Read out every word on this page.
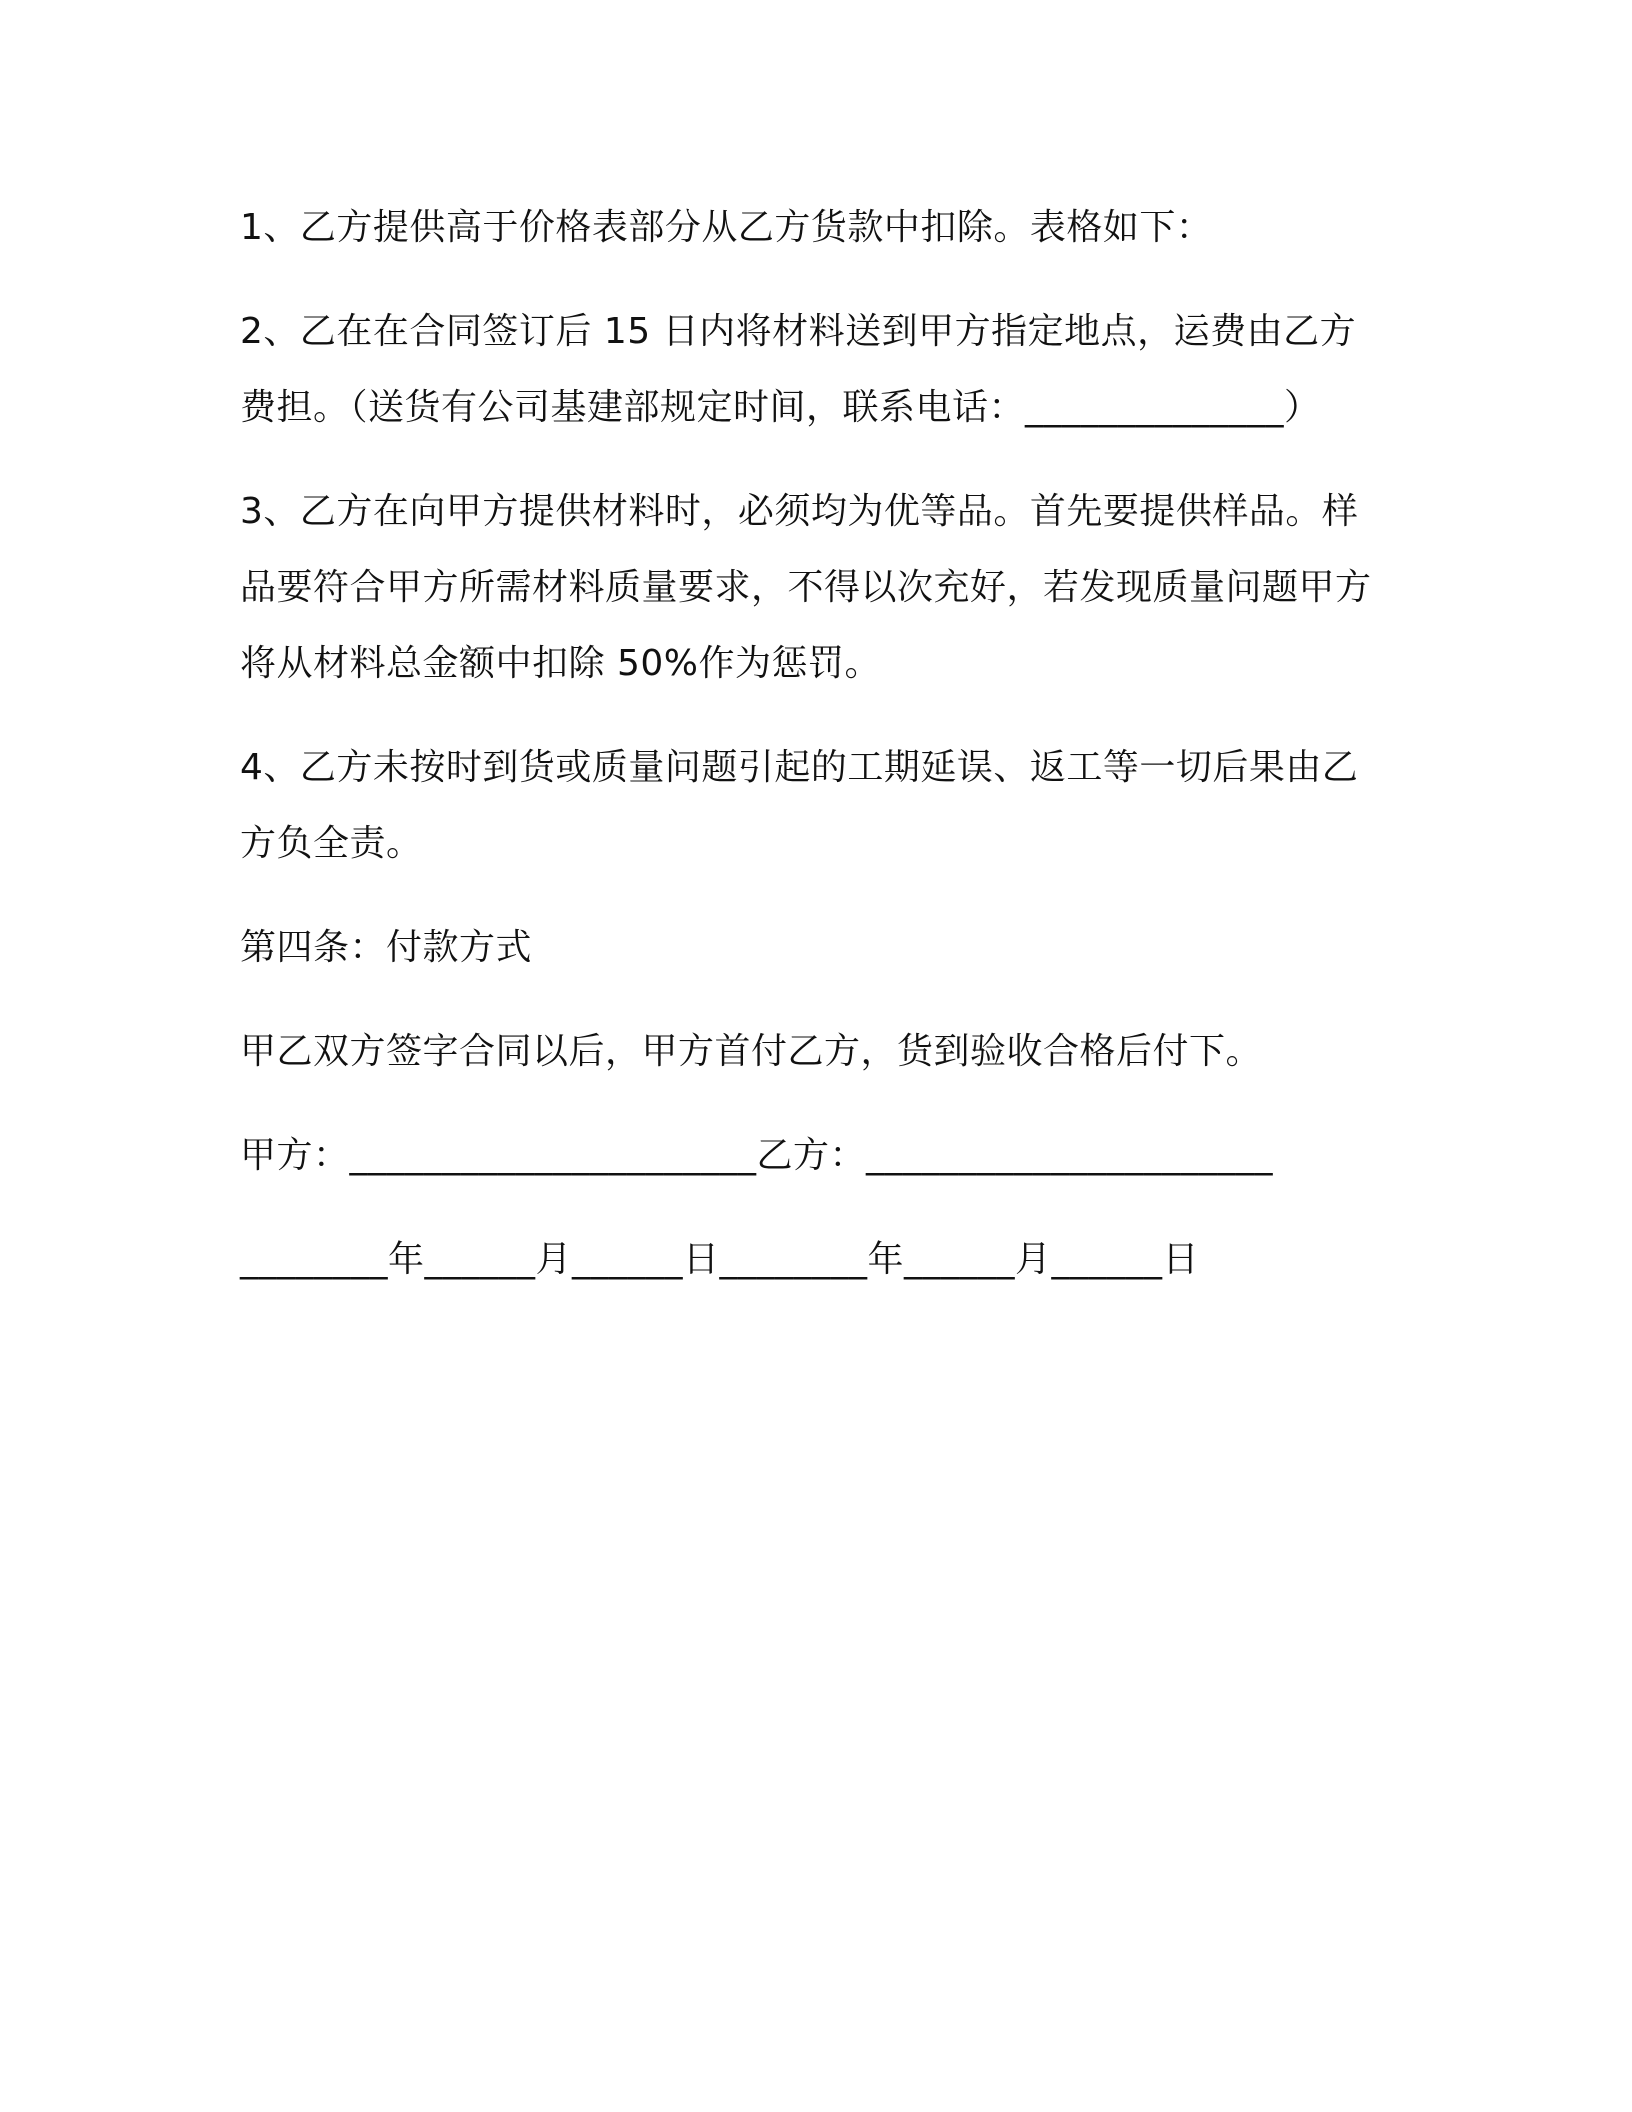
1、乙方提供高于价格表部分从乙方货款中扣除。表格如下：

2、乙在在合同签订后 15 日内将材料送到甲方指定地点，运费由乙方费担。（送货有公司基建部规定时间，联系电话：______________）

3、乙方在向甲方提供材料时，必须均为优等品。首先要提供样品。样品要符合甲方所需材料质量要求，不得以次充好，若发现质量问题甲方将从材料总金额中扣除 50%作为惩罚。

4、乙方未按时到货或质量问题引起的工期延误、返工等一切后果由乙方负全责。

第四条：付款方式

甲乙双方签字合同以后，甲方首付乙方，货到验收合格后付下。

甲方：______________________乙方：______________________

________年______月______日________年______月______日
